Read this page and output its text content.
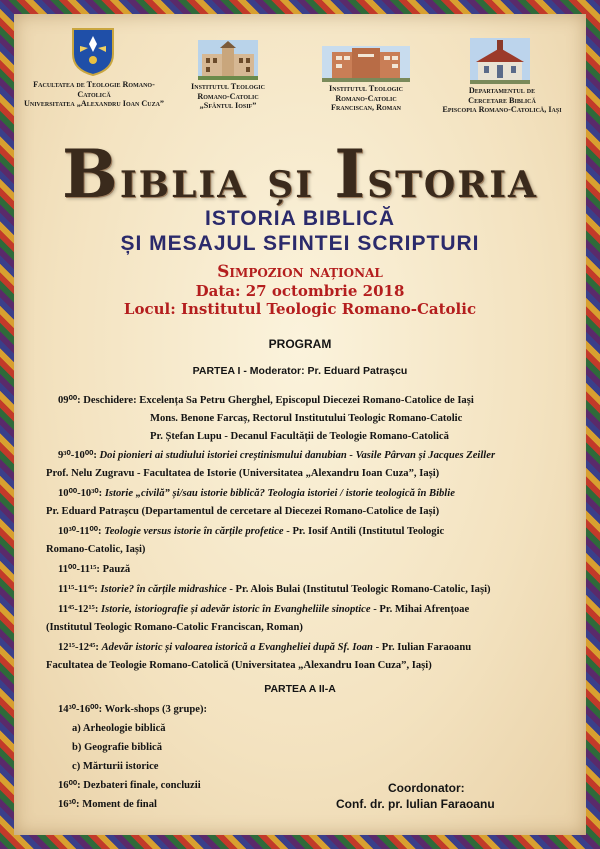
Facultatea de Teologie Romano-Catolică
Universitatea „Alexandru Ioan Cuza”
Institutul Teologic
Romano-Catolic
„Sfântul Iosif”
Institutul Teologic
Romano-Catolic
Franciscan, Roman
Departamentul de
Cercetare Biblică
Episcopia Romano-Catolică, Iași
Biblia și Istoria
ISTORIA BIBLICĂ
ȘI MESAJUL SFINTEI SCRIPTURI
Simpozion național
Data: 27 octombrie 2018
Locul: Institutul Teologic Romano-Catolic
PROGRAM
PARTEA I - Moderator: Pr. Eduard Patrașcu
09⁰⁰: Deschidere: Excelența Sa Petru Gherghel, Episcopul Diecezei Romano-Catolice de Iași
Mons. Benone Farcaș, Rectorul Institutului Teologic Romano-Catolic
Pr. Ștefan Lupu - Decanul Facultății de Teologie Romano-Catolică
9³⁰-10⁰⁰: Doi pionieri ai studiului istoriei creștinismului danubian - Vasile Pârvan și Jacques Zeiller
Prof. Nelu Zugravu - Facultatea de Istorie (Universitatea „Alexandru Ioan Cuza”, Iași)
10⁰⁰-10³⁰: Istorie „civilă” și/sau istorie biblică? Teologia istoriei / istorie teologică în Biblie
Pr. Eduard Patrașcu (Departamentul de cercetare al Diecezei Romano-Catolice de Iași)
10³⁰-11⁰⁰: Teologie versus istorie în cărțile profetice - Pr. Iosif Antili (Institutul Teologic
Romano-Catolic, Iași)
11⁰⁰-11¹⁵: Pauză
11¹⁵-11⁴⁵: Istorie? în cărțile midrashice - Pr. Alois Bulai (Institutul Teologic Romano-Catolic, Iași)
11⁴⁵-12¹⁵: Istorie, istoriografie și adevăr istoric în Evangheliile sinoptice - Pr. Mihai Afrențoae
(Institutul Teologic Romano-Catolic Franciscan, Roman)
12¹⁵-12⁴⁵: Adevăr istoric și valoarea istorică a Evangheliei după Sf. Ioan - Pr. Iulian Faraoanu
Facultatea de Teologie Romano-Catolică (Universitatea „Alexandru Ioan Cuza”, Iași)
PARTEA A II-A
14³⁰-16⁰⁰: Work-shops (3 grupe):
a) Arheologie biblică
b) Geografie biblică
c) Mărturii istorice
16⁰⁰: Dezbateri finale, concluzii
16³⁰: Moment de final
Coordonator:
Conf. dr. pr. Iulian Faraoanu
